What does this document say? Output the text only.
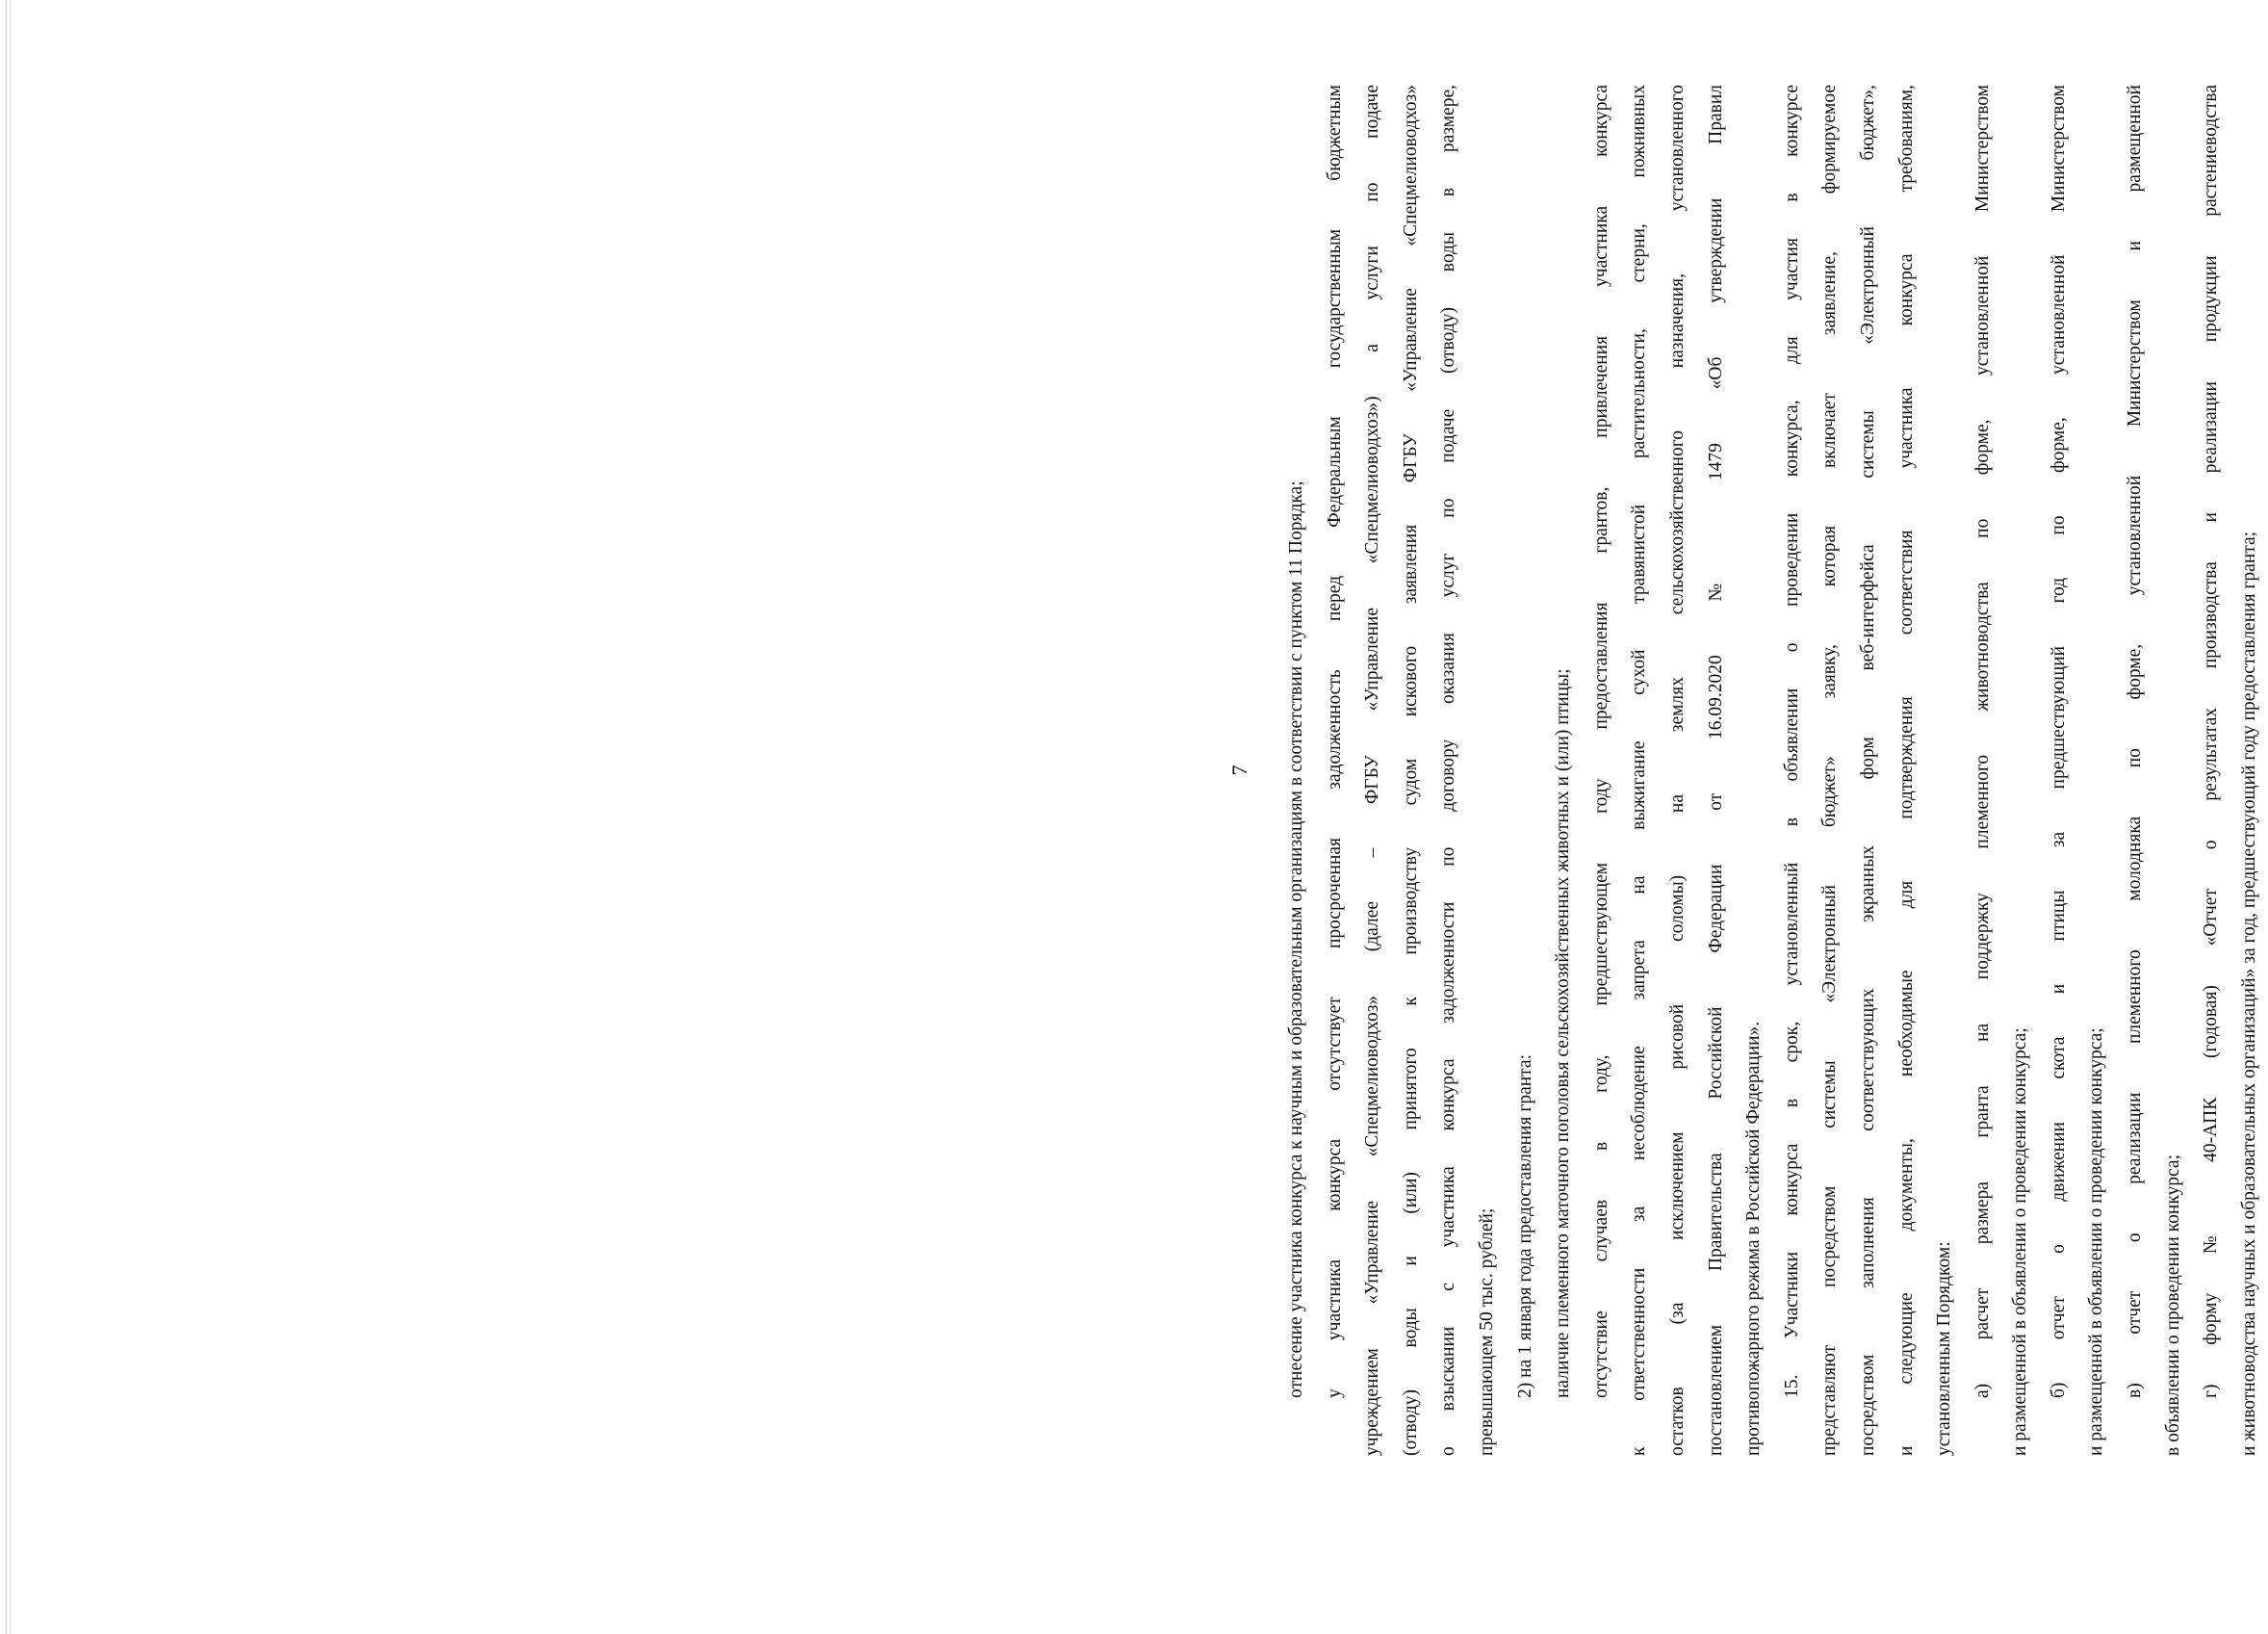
7	отнесение участника конкурса к научным и образовательным организациям в соответствии с пунктом 11 Порядка; у участника конкурса отсутствует просроченная задолженность перед Федеральным государственным бюджетным учреждением «Управление «Спецмелиоводхоз» (далее – ФГБУ «Управление «Спецмелиоводхоз») а услуги по подаче (отводу) воды и (или) принятого к производству судом искового заявления ФГБУ «Управление «Спецмелиоводхоз» о взыскании с участника конкурса задолженности по договору оказания услуг по подаче (отводу) воды в размере, превышающем 50 тыс. рублей; 2) на 1 января года предоставления гранта: наличие племенного маточного поголовья сельскохозяйственных животных и (или) птицы; отсутствие случаев в году, предшествующем году предоставления грантов, привлечения участника конкурса к ответственности за несоблюдение запрета на выжигание сухой травянистой растительности, стерни, пожнивных остатков (за исключением рисовой соломы) на землях сельскохозяйственного назначения, установленного постановлением Правительства Российской Федерации от 16.09.2020 № 1479 «Об утверждении Правил противопожарного режима в Российской Федерации». 15. Участники конкурса в срок, установленный в объявлении о проведении конкурса, для участия в конкурсе представляют посредством системы «Электронный бюджет» заявку, которая включает заявление, формируемое посредством заполнения соответствующих экранных форм веб-интерфейса системы «Электронный бюджет», и следующие документы, необходимые для подтверждения соответствия участника конкурса требованиям, установленным Порядком: а) расчет размера гранта на поддержку племенного животноводства по форме, установленной Министерством и размещенной в объявлении о проведении конкурса; б) отчет о движении скота и птицы за предшествующий год по форме, установленной Министерством и размещенной в объявлении о проведении конкурса; в) отчет о реализации племенного молодняка по форме, установленной Министерством и размещенной в объявлении о проведении конкурса; г) форму № 40-АПК (годовая) «Отчет о результатах производства и реализации продукции растениеводства и животноводства научных и образовательных организаций» за год, предшествующий году предоставления гранта;
